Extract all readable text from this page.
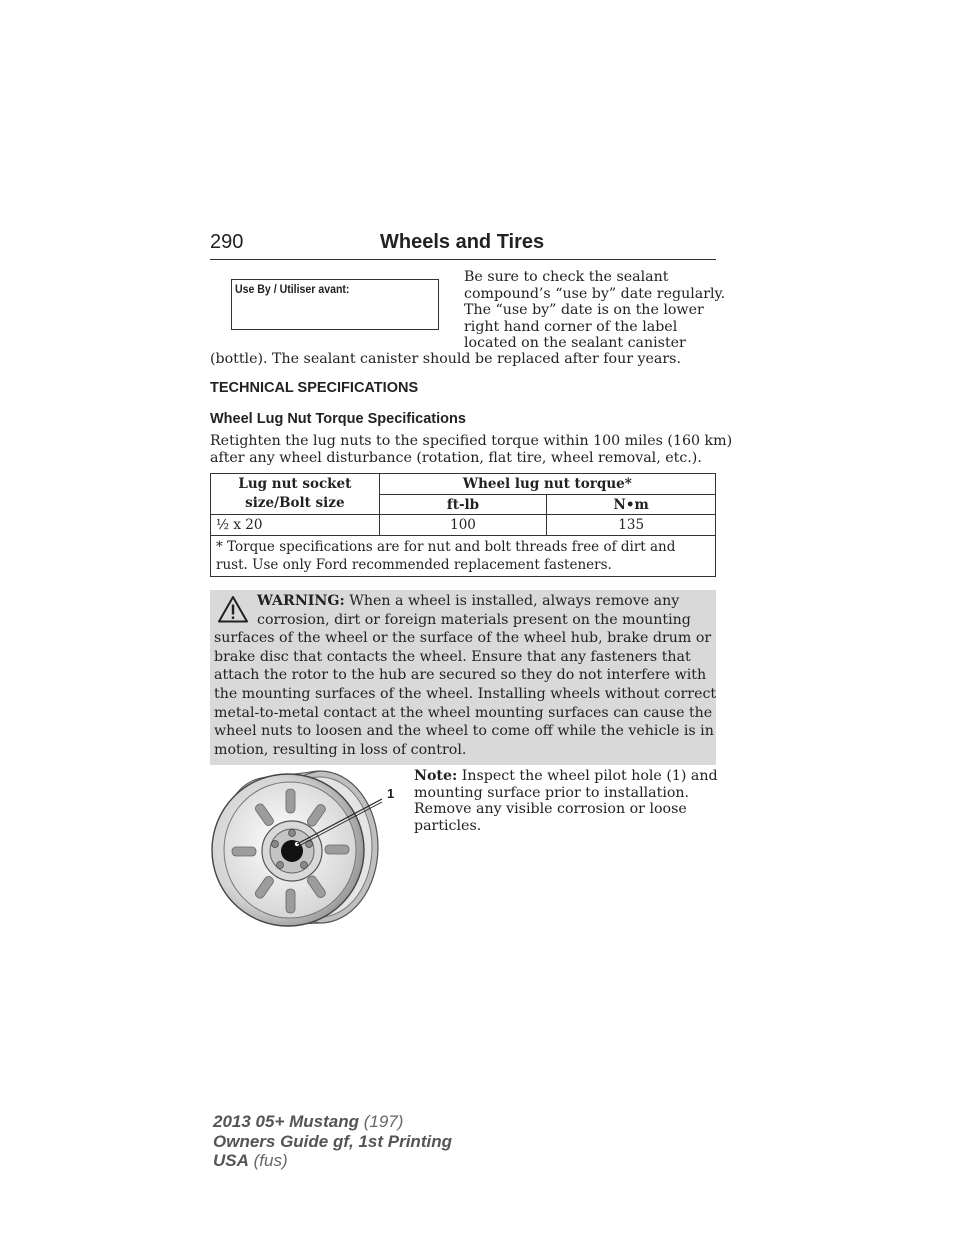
290	Wheels and Tires
Use By / Utiliser avant:
Be sure to check the sealant
compound’s “use by” date regularly.
The “use by” date is on the lower
right hand corner of the label
located on the sealant canister
(bottle). The sealant canister should be replaced after four years.
TECHNICAL SPECIFICATIONS
Wheel Lug Nut Torque Specifications
Retighten the lug nuts to the specified torque within 100 miles (160 km)
after any wheel disturbance (rotation, flat tire, wheel removal, etc.).
Lug nut socket size/Bolt size	Wheel lug nut torque*	
	ft-lb	N•m
½ x 20	100	135
* Torque specifications are for nut and bolt threads free of dirt and rust. Use only Ford recommended replacement fasteners.		
WARNING: When a wheel is installed, always remove any
corrosion, dirt or foreign materials present on the mounting
surfaces of the wheel or the surface of the wheel hub, brake drum or
brake disc that contacts the wheel. Ensure that any fasteners that
attach the rotor to the hub are secured so they do not interfere with
the mounting surfaces of the wheel. Installing wheels without correct
metal-to-metal contact at the wheel mounting surfaces can cause the
wheel nuts to loosen and the wheel to come off while the vehicle is in
motion, resulting in loss of control.
1
Note: Inspect the wheel pilot hole (1) and
mounting surface prior to installation.
Remove any visible corrosion or loose
particles.
2013 05+ Mustang (197)
Owners Guide gf, 1st Printing
USA (fus)
